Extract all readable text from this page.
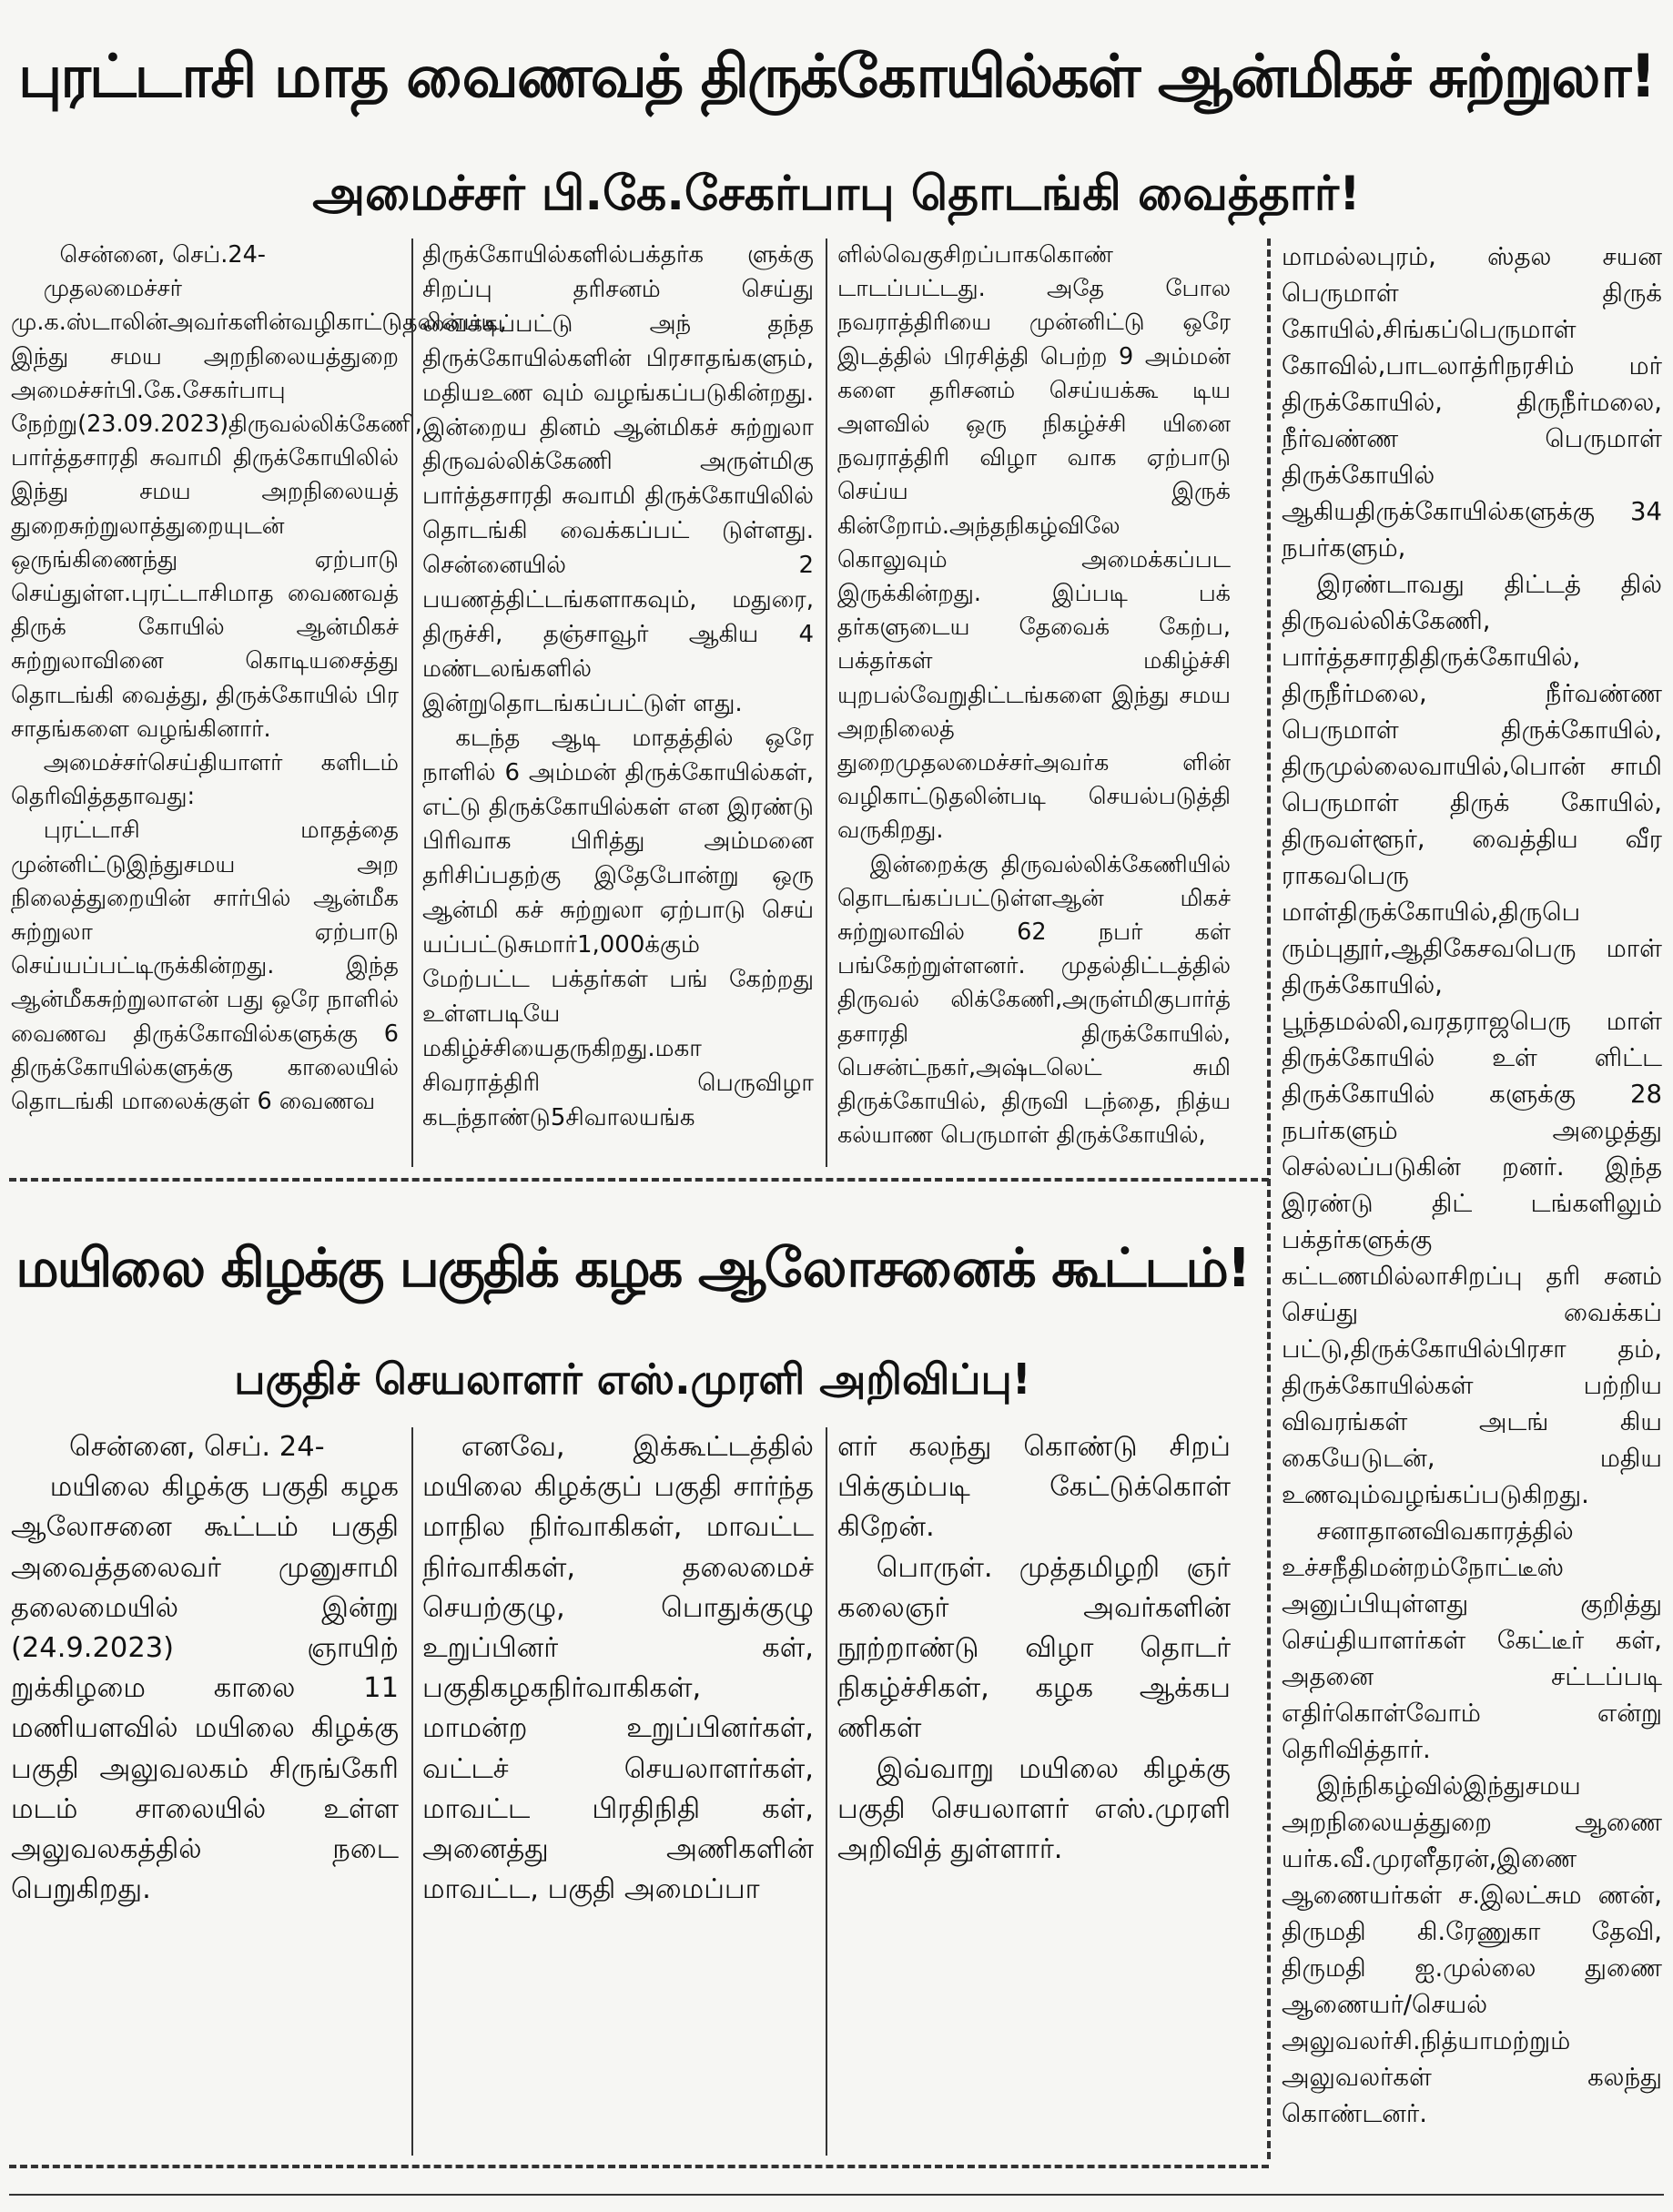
புரட்டாசி மாத வைணவத் திருக்கோயில்கள் ஆன்மிகச் சுற்றுலா!
அமைச்சர் பி.கே.சேகர்பாபு தொடங்கி வைத்தார்!

சென்னை, செப்.24-

முதலமைச்சர் மு.க.ஸ்டாலின்அவர்களின்வழிகாட்டுதலின்படி, இந்து சமய அறநிலையத்துறை அமைச்சர்பி.கே.சேகர்பாபு நேற்று(23.09.2023)திருவல்லிக்கேணி, பார்த்தசாரதி சுவாமி திருக்கோயிலில் இந்து சமய அறநிலையத் துறைசுற்றுலாத்துறையுடன் ஒருங்கிணைந்து ஏற்பாடு செய்துள்ள.புரட்டாசிமாத வைணவத் திருக் கோயில் ஆன்மிகச் சுற்றுலாவினை கொடியசைத்து தொடங்கி வைத்து, திருக்கோயில் பிர சாதங்களை வழங்கினார்.

அமைச்சர்செய்தியாளர் களிடம் தெரிவித்ததாவது:

புரட்டாசி மாதத்தை முன்னிட்டுஇந்துசமய அற நிலைத்துறையின் சார்பில் ஆன்மீக சுற்றுலா ஏற்பாடு செய்யப்பட்டிருக்கின்றது. இந்த ஆன்மீகசுற்றுலாஎன் பது ஒரே நாளில் வைணவ திருக்கோவில்களுக்கு 6 திருக்கோயில்களுக்கு காலையில் தொடங்கி மாலைக்குள் 6 வைணவ

திருக்கோயில்களில்பக்தர்க ளுக்கு சிறப்பு தரிசனம் செய்து வைக்கப்பட்டு அந் தந்த திருக்கோயில்களின் பிரசாதங்களும், மதியஉண வும் வழங்கப்படுகின்றது. இன்றைய தினம் ஆன்மிகச் சுற்றுலா திருவல்லிக்கேணி அருள்மிகு பார்த்தசாரதி சுவாமி திருக்கோயிலில் தொடங்கி வைக்கப்பட் டுள்ளது. சென்னையில் 2 பயணத்திட்டங்களாகவும், மதுரை, திருச்சி, தஞ்சாவூர் ஆகிய 4 மண்டலங்களில் இன்றுதொடங்கப்பட்டுள் ளது.

கடந்த ஆடி மாதத்தில் ஒரே நாளில் 6 அம்மன் திருக்கோயில்கள், எட்டு திருக்கோயில்கள் என இரண்டு பிரிவாக பிரித்து அம்மனை தரிசிப்பதற்கு இதேபோன்று ஒரு ஆன்மி கச் சுற்றுலா ஏற்பாடு செய் யப்பட்டுசுமார்1,000க்கும் மேற்பட்ட பக்தர்கள் பங் கேற்றது உள்ளபடியே மகிழ்ச்சியைதருகிறது.மகா சிவராத்திரி பெருவிழா கடந்தாண்டு5சிவாலயங்க

ளில்வெகுசிறப்பாககொண் டாடப்பட்டது. அதே போல நவராத்திரியை முன்னிட்டு ஒரே இடத்தில் பிரசித்தி பெற்ற 9 அம்மன் களை தரிசனம் செய்யக்கூ டிய அளவில் ஒரு நிகழ்ச்சி யினை நவராத்திரி விழா வாக ஏற்பாடு செய்ய இருக் கின்றோம்.அந்தநிகழ்விலே கொலுவும் அமைக்கப்பட இருக்கின்றது. இப்படி பக் தர்களுடைய தேவைக் கேற்ப, பக்தர்கள் மகிழ்ச்சி யுறபல்வேறுதிட்டங்களை இந்து சமய அறநிலைத் துறைமுதலமைச்சர்அவர்க ளின் வழிகாட்டுதலின்படி செயல்படுத்தி வருகிறது.

இன்றைக்கு திருவல்லிக்கேணியில் தொடங்கப்பட்டுள்ளஆன் மிகச் சுற்றுலாவில் 62 நபர் கள் பங்கேற்றுள்ளனர். முதல்திட்டத்தில் திருவல் லிக்கேணி,அருள்மிகுபார்த் தசாரதி திருக்கோயில், பெசன்ட்நகர்,அஷ்டலெட் சுமி திருக்கோயில், திருவி டந்தை, நித்ய கல்யாண பெருமாள் திருக்கோயில்,

மாமல்லபுரம், ஸ்தல சயன பெருமாள் திருக் கோயில்,சிங்கப்பெருமாள் கோவில்,பாடலாத்ரிநரசிம் மர் திருக்கோயில், திருநீர்மலை, நீர்வண்ண பெருமாள் திருக்கோயில் ஆகியதிருக்கோயில்களுக்கு 34 நபர்களும்,

இரண்டாவது திட்டத் தில் திருவல்லிக்கேணி, பார்த்தசாரதிதிருக்கோயில், திருநீர்மலை, நீர்வண்ண பெருமாள் திருக்கோயில், திருமுல்லைவாயில்,பொன் சாமி பெருமாள் திருக் கோயில், திருவள்ளூர், வைத்திய வீர ராகவபெரு மாள்திருக்கோயில்,திருபெ ரும்புதூர்,ஆதிகேசவபெரு மாள் திருக்கோயில், பூந்தமல்லி,வரதராஜபெரு மாள் திருக்கோயில் உள் ளிட்ட திருக்கோயில் களுக்கு 28 நபர்களும் அழைத்து செல்லப்படுகின் றனர். இந்த இரண்டு திட் டங்களிலும் பக்தர்களுக்கு கட்டணமில்லாசிறப்பு தரி சனம் செய்து வைக்கப் பட்டு,திருக்கோயில்பிரசா தம், திருக்கோயில்கள் பற்றிய விவரங்கள் அடங் கிய கையேடுடன், மதிய உணவும்வழங்கப்படுகிறது.

சனாதானவிவகாரத்தில் உச்சநீதிமன்றம்நோட்டீஸ் அனுப்பியுள்ளது குறித்து செய்தியாளர்கள் கேட்டீர் கள், அதனை சட்டப்படி எதிர்கொள்வோம் என்று தெரிவித்தார்.

இந்நிகழ்வில்இந்துசமய அறநிலையத்துறை ஆணை யர்க.வீ.முரளீதரன்,இணை ஆணையர்கள் ச.இலட்சும ணன், திருமதி கி.ரேணுகா தேவி, திருமதி ஐ.முல்லை துணை ஆணையர்/செயல் அலுவலர்சி.நித்யாமற்றும் அலுவலர்கள் கலந்து கொண்டனர்.

மயிலை கிழக்கு பகுதிக் கழக ஆலோசனைக் கூட்டம்!
பகுதிச் செயலாளர் எஸ்.முரளி அறிவிப்பு!

சென்னை, செப். 24-

மயிலை கிழக்கு பகுதி கழக ஆலோசனை கூட்டம் பகுதி அவைத்தலைவர் முனுசாமி தலைமையில் இன்று (24.9.2023) ஞாயிற் றுக்கிழமை காலை 11 மணியளவில் மயிலை கிழக்கு பகுதி அலுவலகம் சிருங்கேரி மடம் சாலையில் உள்ள அலுவலகத்தில் நடை பெறுகிறது.

எனவே, இக்கூட்டத்தில் மயிலை கிழக்குப் பகுதி சார்ந்த மாநில நிர்வாகிகள், மாவட்ட நிர்வாகிகள், தலைமைச் செயற்குழு, பொதுக்குழு உறுப்பினர் கள், பகுதிகழகநிர்வாகிகள், மாமன்ற உறுப்பினர்கள், வட்டச் செயலாளர்கள், மாவட்ட பிரதிநிதி கள், அனைத்து அணிகளின் மாவட்ட, பகுதி அமைப்பா

ளர் கலந்து கொண்டு சிறப் பிக்கும்படி கேட்டுக்கொள் கிறேன்.

பொருள். முத்தமிழறி ஞர் கலைஞர் அவர்களின் நூற்றாண்டு விழா தொடர் நிகழ்ச்சிகள், கழக ஆக்கப ணிகள்

இவ்வாறு மயிலை கிழக்கு பகுதி செயலாளர் எஸ்.முரளி அறிவித் துள்ளார்.
